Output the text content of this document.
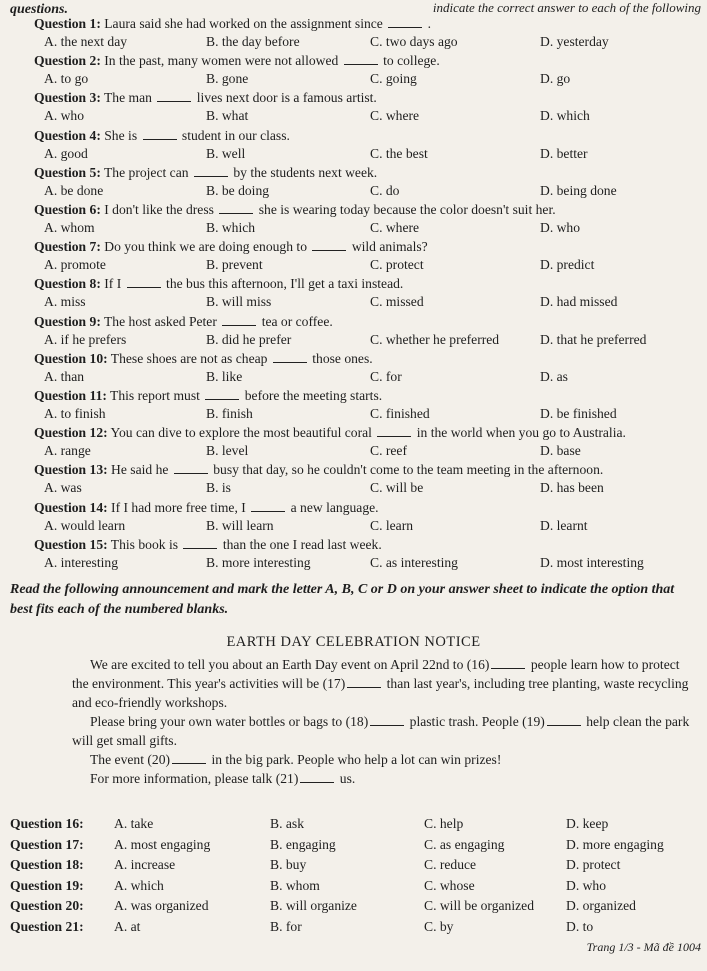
questions.	indicate the correct answer to each of the following
Question 1: Laura said she had worked on the assignment since	.
A. the next day	B. the day before	C. two days ago	D. yesterday
Question 2: In the past, many women were not allowed	to college.
A. to go	B. gone	C. going	D. go
Question 3: The man	lives next door is a famous artist.
A. who	B. what	C. where	D. which
Question 4: She is	student in our class.
A. good	B. well	C. the best	D. better
Question 5: The project can	by the students next week.
A. be done	B. be doing	C. do	D. being done
Question 6: I don't like the dress	she is wearing today because the color doesn't suit her.
A. whom	B. which	C. where	D. who
Question 7: Do you think we are doing enough to	wild animals?
A. promote	B. prevent	C. protect	D. predict
Question 8: If I	the bus this afternoon, I'll get a taxi instead.
A. miss	B. will miss	C. missed	D. had missed
Question 9: The host asked Peter	tea or coffee.
A. if he prefers	B. did he prefer	C. whether he preferred	D. that he preferred
Question 10: These shoes are not as cheap	those ones.
A. than	B. like	C. for	D. as
Question 11: This report must	before the meeting starts.
A. to finish	B. finish	C. finished	D. be finished
Question 12: You can dive to explore the most beautiful coral	in the world when you go to Australia.
A. range	B. level	C. reef	D. base
Question 13: He said he	busy that day, so he couldn't come to the team meeting in the afternoon.
A. was	B. is	C. will be	D. has been
Question 14: If I had more free time, I	a new language.
A. would learn	B. will learn	C. learn	D. learnt
Question 15: This book is	than the one I read last week.
A. interesting	B. more interesting	C. as interesting	D. most interesting
Read the following announcement and mark the letter A, B, C or D on your answer sheet to indicate the option that best fits each of the numbered blanks.
EARTH DAY CELEBRATION NOTICE
We are excited to tell you about an Earth Day event on April 22nd to (16)	people learn how to protect the environment. This year's activities will be (17)	than last year's, including tree planting, waste recycling and eco-friendly workshops.
Please bring your own water bottles or bags to (18)	plastic trash. People (19)	help clean the park will get small gifts.
The event (20)	in the big park. People who help a lot can win prizes!
For more information, please talk (21)	us.
Question 16: A. take	B. ask	C. help	D. keep
Question 17: A. most engaging	B. engaging	C. as engaging	D. more engaging
Question 18: A. increase	B. buy	C. reduce	D. protect
Question 19: A. which	B. whom	C. whose	D. who
Question 20: A. was organized	B. will organize	C. will be organized D. organized
Question 21: A. at	B. for	C. by	D. to
Trang 1/3 - Mã đề 1004
